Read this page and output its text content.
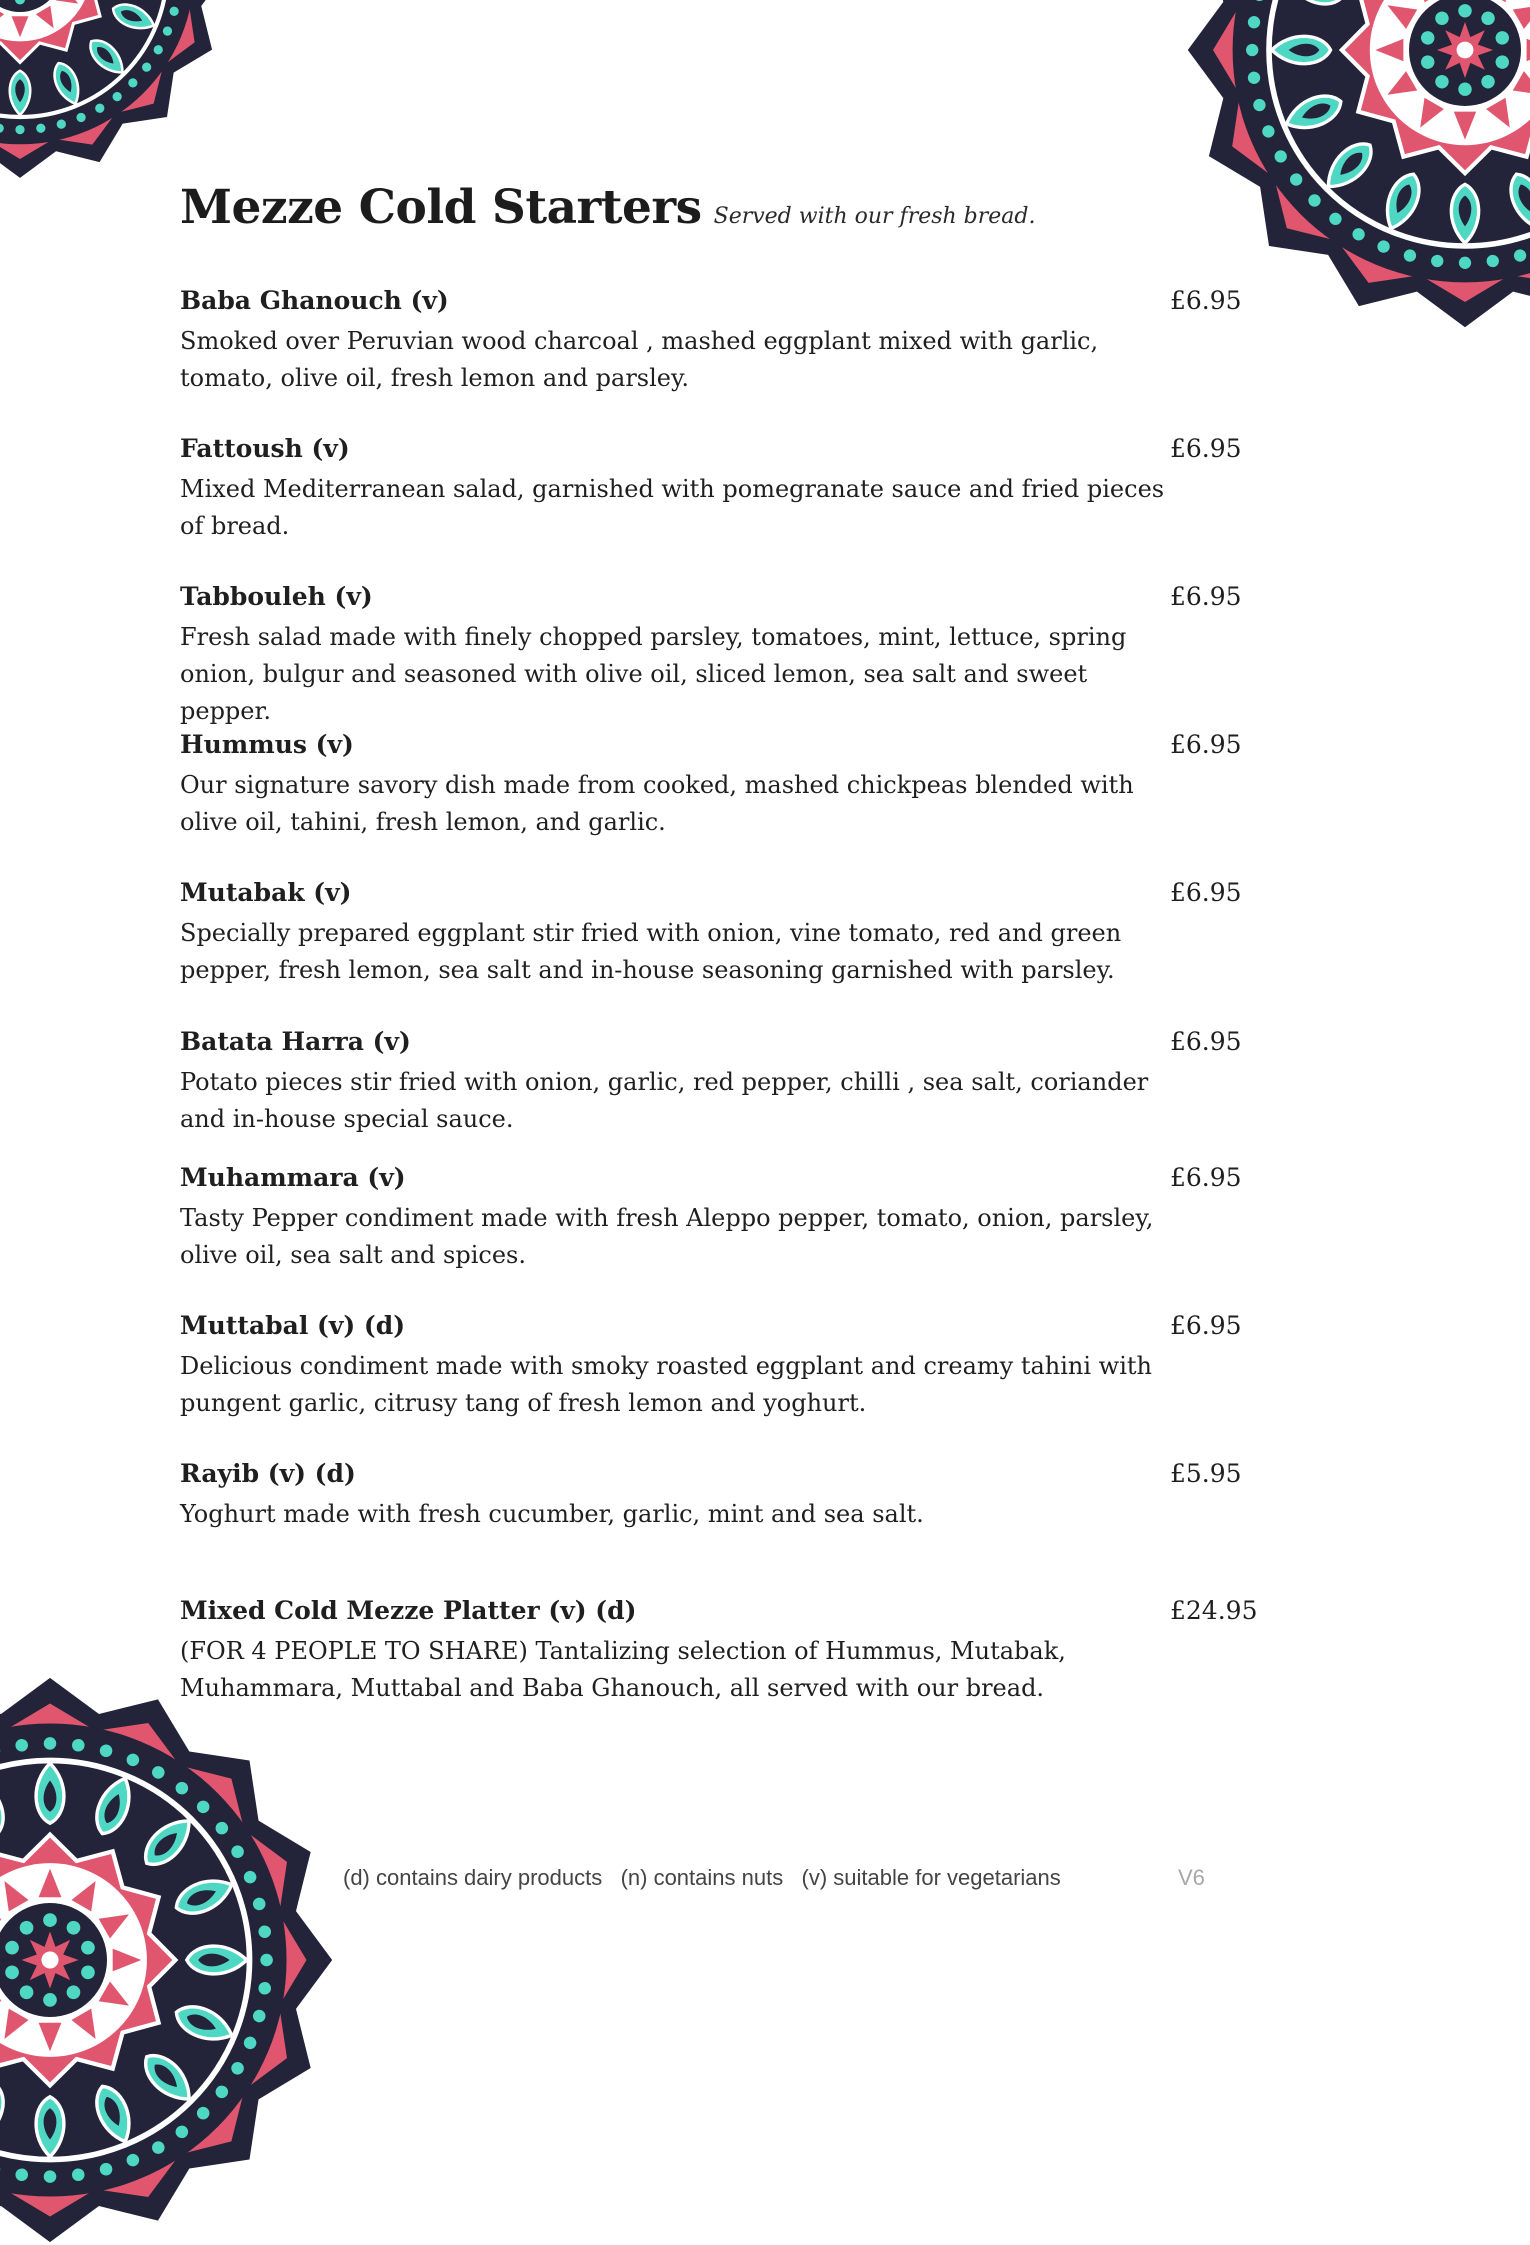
Mezze Cold Starters Served with our fresh bread.
Baba Ghanouch (v)	£6.95
Smoked over Peruvian wood charcoal , mashed eggplant mixed with garlic, tomato, olive oil, fresh lemon and parsley.
Fattoush (v)	£6.95
Mixed Mediterranean salad, garnished with pomegranate sauce and fried pieces of bread.
Tabbouleh (v)	£6.95
Fresh salad made with finely chopped parsley, tomatoes, mint, lettuce, spring onion, bulgur and seasoned with olive oil, sliced lemon, sea salt and sweet pepper.
Hummus (v)	£6.95
Our signature savory dish made from cooked, mashed chickpeas blended with olive oil, tahini, fresh lemon, and garlic.
Mutabak (v)	£6.95
Specially prepared eggplant stir fried with onion, vine tomato, red and green pepper, fresh lemon, sea salt and in-house seasoning garnished with parsley.
Batata Harra (v)	£6.95
Potato pieces stir fried with onion, garlic, red pepper, chilli , sea salt, coriander and in-house special sauce.
Muhammara (v)	£6.95
Tasty Pepper condiment made with fresh Aleppo pepper, tomato, onion, parsley, olive oil, sea salt and spices.
Muttabal (v) (d)	£6.95
Delicious condiment made with smoky roasted eggplant and creamy tahini with pungent garlic, citrusy tang of fresh lemon and yoghurt.
Rayib (v) (d)	£5.95
Yoghurt made with fresh cucumber, garlic, mint and sea salt.
Mixed Cold Mezze Platter (v) (d)	£24.95
(FOR 4 PEOPLE TO SHARE) Tantalizing selection of Hummus, Mutabak, Muhammara, Muttabal and Baba Ghanouch, all served with our bread.
(d) contains dairy products   (n) contains nuts   (v) suitable for vegetarians	V6
